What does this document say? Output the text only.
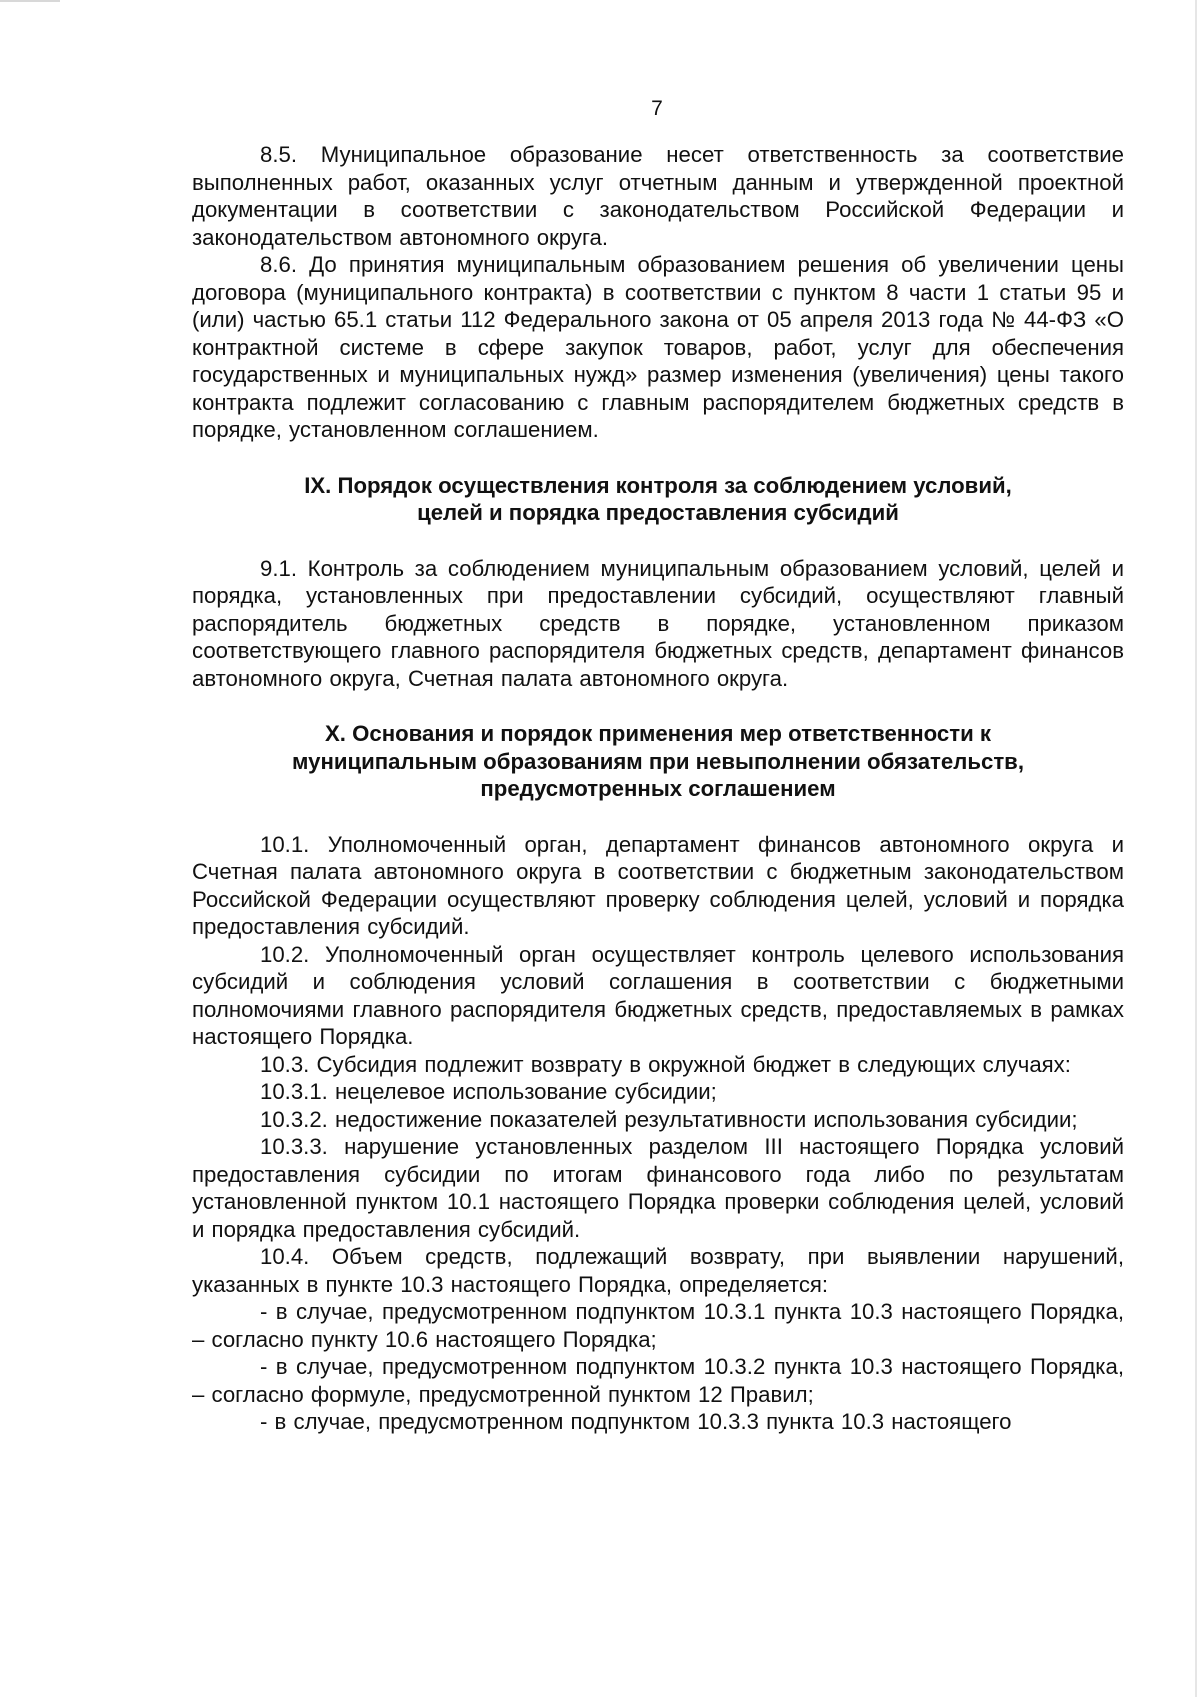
7

8.5. Муниципальное образование несет ответственность за соответствие выполненных работ, оказанных услуг отчетным данным и утвержденной проектной документации в соответствии с законодательством Российской Федерации и законодательством автономного округа.

8.6. До принятия муниципальным образованием решения об увеличении цены договора (муниципального контракта) в соответствии с пунктом 8 части 1 статьи 95 и (или) частью 65.1 статьи 112 Федерального закона от 05 апреля 2013 года № 44-ФЗ «О контрактной системе в сфере закупок товаров, работ, услуг для обеспечения государственных и муниципальных нужд» размер изменения (увеличения) цены такого контракта подлежит согласованию с главным распорядителем бюджетных средств в порядке, установленном соглашением.

IX. Порядок осуществления контроля за соблюдением условий,
целей и порядка предоставления субсидий

9.1. Контроль за соблюдением муниципальным образованием условий, целей и порядка, установленных при предоставлении субсидий, осуществляют главный распорядитель бюджетных средств в порядке, установленном приказом соответствующего главного распорядителя бюджетных средств, департамент финансов автономного округа, Счетная палата автономного округа.

X. Основания и порядок применения мер ответственности к
муниципальным образованиям при невыполнении обязательств,
предусмотренных соглашением

10.1. Уполномоченный орган, департамент финансов автономного округа и Счетная палата автономного округа в соответствии с бюджетным законодательством Российской Федерации осуществляют проверку соблюдения целей, условий и порядка предоставления субсидий.

10.2. Уполномоченный орган осуществляет контроль целевого использования субсидий и соблюдения условий соглашения в соответствии с бюджетными полномочиями главного распорядителя бюджетных средств, предоставляемых в рамках настоящего Порядка.

10.3. Субсидия подлежит возврату в окружной бюджет в следующих случаях:

10.3.1. нецелевое использование субсидии;

10.3.2. недостижение показателей результативности использования субсидии;

10.3.3. нарушение установленных разделом III настоящего Порядка условий предоставления субсидии по итогам финансового года либо по результатам установленной пунктом 10.1 настоящего Порядка проверки соблюдения целей, условий и порядка предоставления субсидий.

10.4. Объем средств, подлежащий возврату, при выявлении нарушений, указанных в пункте 10.3 настоящего Порядка, определяется:

- в случае, предусмотренном подпунктом 10.3.1 пункта 10.3 настоящего Порядка, – согласно пункту 10.6 настоящего Порядка;

- в случае, предусмотренном подпунктом 10.3.2 пункта 10.3 настоящего Порядка, – согласно формуле, предусмотренной пунктом 12 Правил;

- в случае, предусмотренном подпунктом 10.3.3 пункта 10.3 настоящего
